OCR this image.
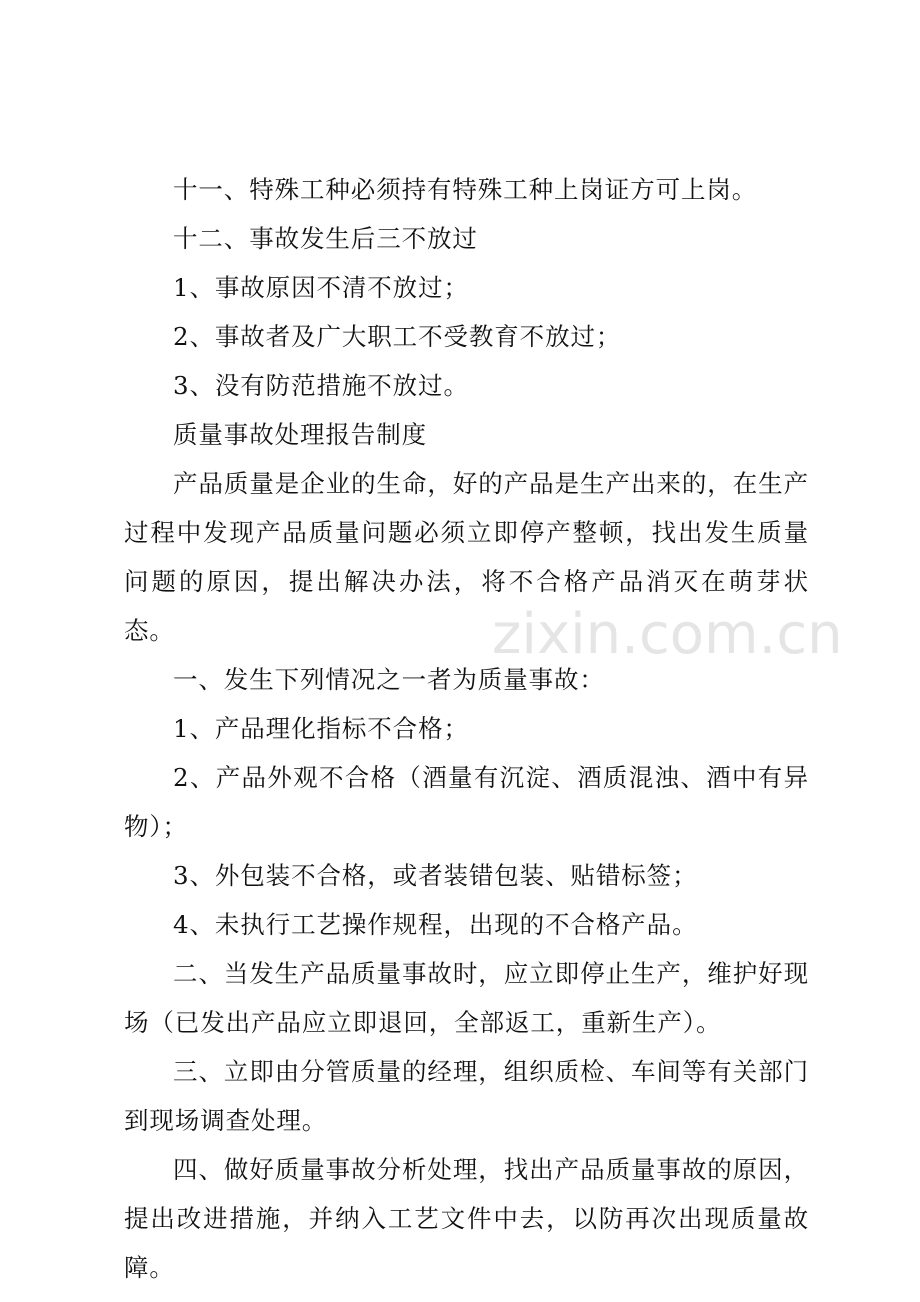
十一、特殊工种必须持有特殊工种上岗证方可上岗。

十二、事故发生后三不放过

1、事故原因不清不放过；

2、事故者及广大职工不受教育不放过；

3、没有防范措施不放过。

质量事故处理报告制度

产品质量是企业的生命，好的产品是生产出来的，在生产过程中发现产品质量问题必须立即停产整顿，找出发生质量问题的原因，提出解决办法，将不合格产品消灭在萌芽状态。

一、发生下列情况之一者为质量事故：

1、产品理化指标不合格；

2、产品外观不合格（酒量有沉淀、酒质混浊、酒中有异物）；

3、外包装不合格，或者装错包装、贴错标签；

4、未执行工艺操作规程，出现的不合格产品。

二、当发生产品质量事故时，应立即停止生产，维护好现场（已发出产品应立即退回，全部返工，重新生产）。

三、立即由分管质量的经理，组织质检、车间等有关部门到现场调查处理。

四、做好质量事故分析处理，找出产品质量事故的原因，提出改进措施，并纳入工艺文件中去，以防再次出现质量故障。

zixin.com.cn
